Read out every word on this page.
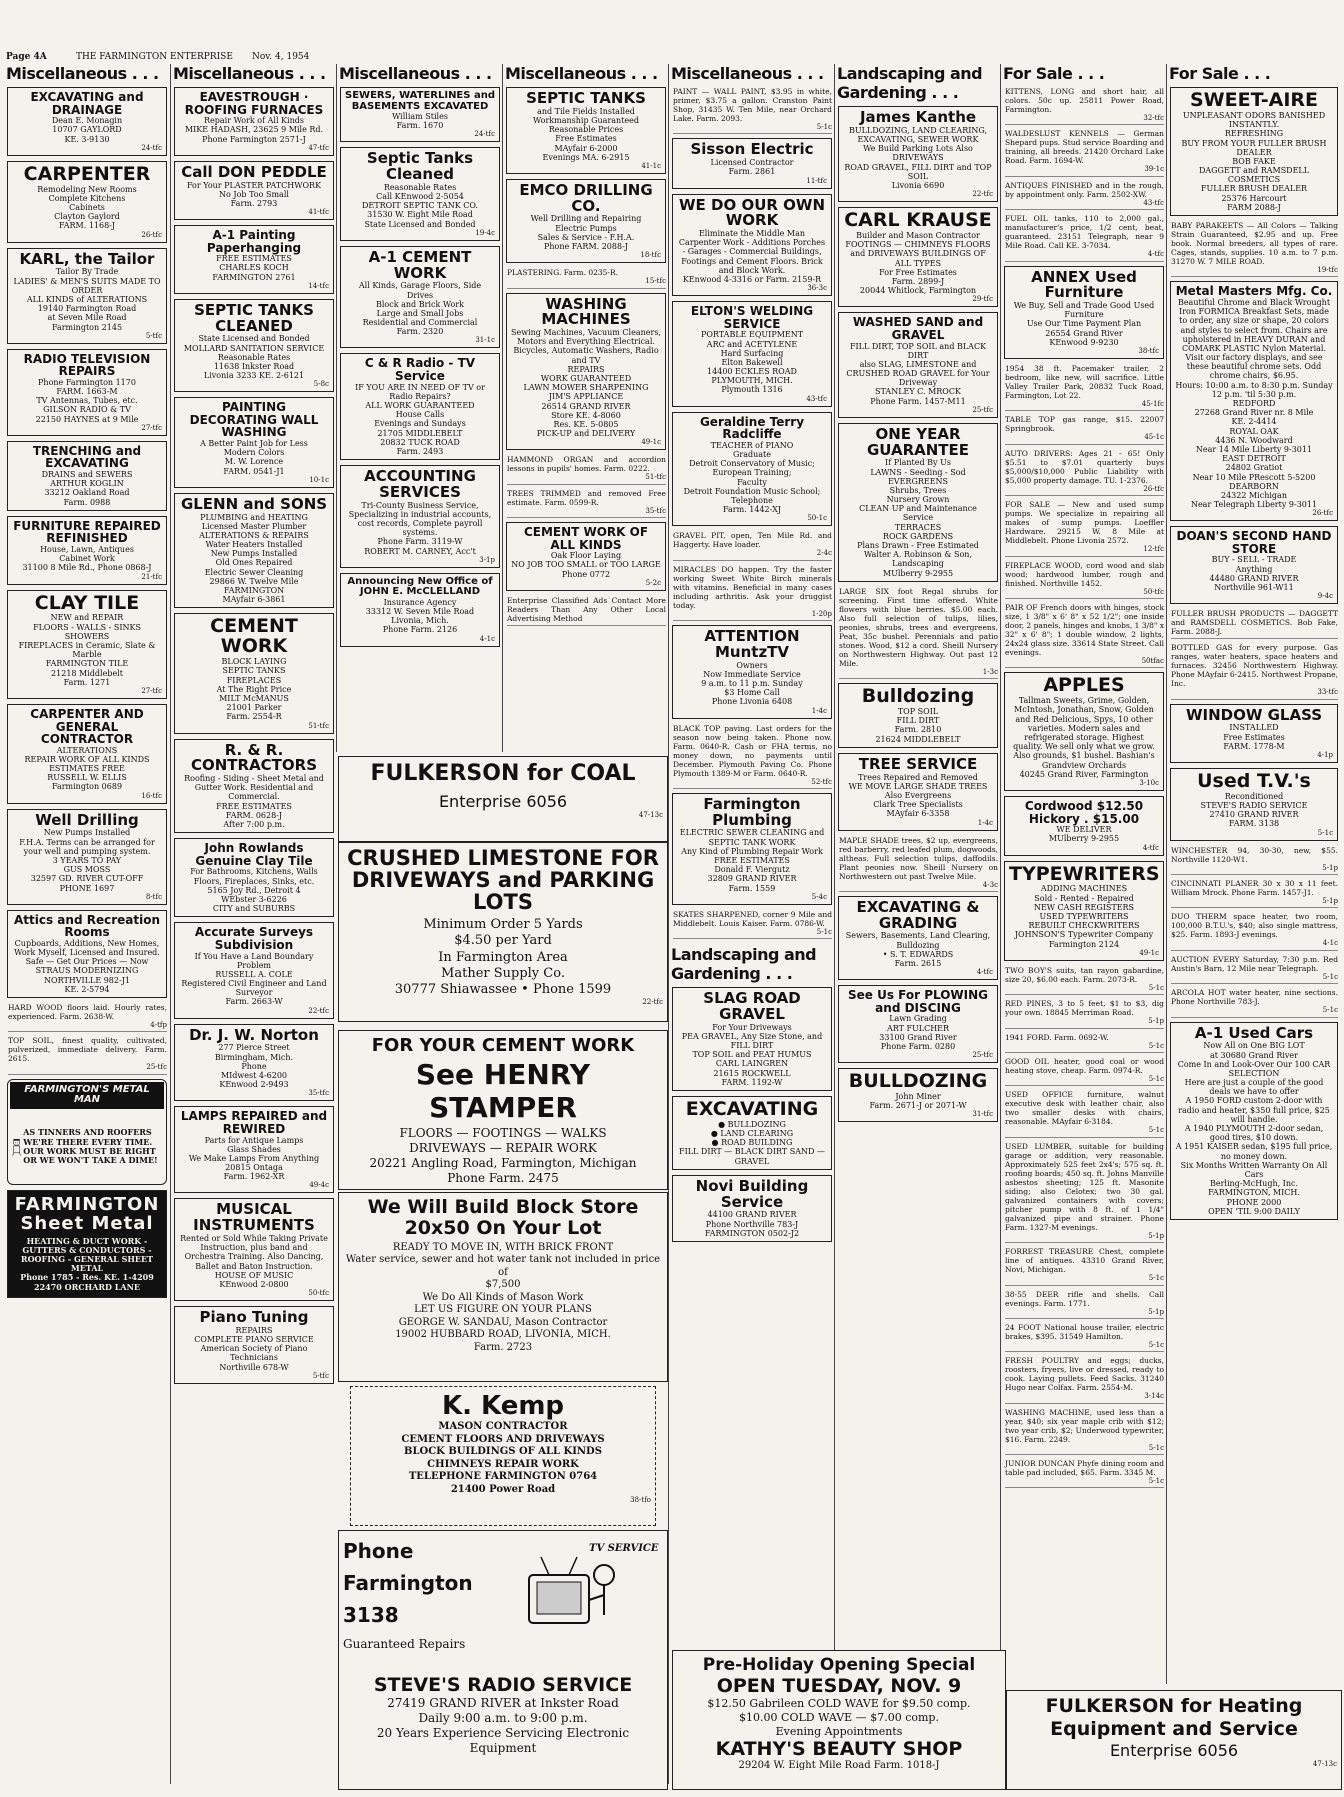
Page 4A	THE FARMINGTON ENTERPRISE Nov. 4, 1954
Miscellaneous . . .
EXCAVATING and DRAINAGE
Dean E. Monagin
10707 GAYLORD
KE. 3-9130
24-tfc
CARPENTER
Remodeling New Rooms
Complete Kitchens
Cabinets
Clayton Gaylord
FARM. 1168-J
26-tfc
KARL, the Tailor
Tailor By Trade
LADIES' & MEN'S SUITS MADE TO ORDER
ALL KINDS of ALTERATIONS
19140 Farmington Road
at Seven Mile Road
Farmington 2145
5-tfc
RADIO TELEVISION REPAIRS
Phone Farmington 1170
FARM. 1663-M
TV Antennas, Tubes, etc.
GILSON RADIO & TV
22150 HAYNES at 9 Mile
27-tfc
TRENCHING and EXCAVATING
DRAINS and SEWERS
ARTHUR KOGLIN
33212 Oakland Road
Farm. 0988
FURNITURE REPAIRED REFINISHED
House, Lawn, Antiques
Cabinet Work
31100 8 Mile Rd., Phone 0868-J
21-tfc
CLAY TILE
NEW and REPAIR
FLOORS - WALLS - SINKS SHOWERS
FIREPLACES in Ceramic, Slate & Marble
FARMINGTON TILE
21218 Middlebelt
Farm. 1271
27-tfc
CARPENTER AND GENERAL CONTRACTOR
ALTERATIONS
REPAIR WORK OF ALL KINDS
ESTIMATES FREE
RUSSELL W. ELLIS
Farmington 0689
16-tfc
Well Drilling
New Pumps Installed
F.H.A. Terms can be arranged for your well and pumping system.
3 YEARS TO PAY
GUS MOSS
32597 GD. RIVER CUT-OFF
PHONE 1697
8-tfc
Attics and Recreation Rooms
Cupboards, Additions, New Homes, Work Myself, Licensed and Insured. Safe — Get Our Prices — Now
STRAUS MODERNIZING
NORTHVILLE 982-J1
KE. 2-5794
HARD WOOD floors laid. Hourly rates, experienced. Farm. 2638-W.
4-tfp
TOP SOIL, finest quality, cultivated, pulverized, immediate delivery. Farm. 2615.
25-tfc
FARMINGTON'S METAL MAN
AS TINNERS AND ROOFERS WE'RE THERE EVERY TIME. OUR WORK MUST BE RIGHT OR WE WON'T TAKE A DIME!
FARMINGTON Sheet Metal
HEATING & DUCT WORK - GUTTERS & CONDUCTORS - ROOFING - GENERAL SHEET METAL
Phone 1785 - Res. KE. 1-4209
22470 ORCHARD LANE
Miscellaneous . . .
EAVESTROUGH · ROOFING FURNACES
Repair Work of All Kinds
MIKE HADASH, 23625 9 Mile Rd.
Phone Farmington 2571-J
47-tfc
Call DON PEDDLE
For Your PLASTER PATCHWORK
No Job Too Small
Farm. 2793
41-tfc
A-1 Painting Paperhanging
FREE ESTIMATES
CHARLES KOCH
FARMINGTON 2761
14-tfc
SEPTIC TANKS CLEANED
State Licensed and Bonded
MOLLARD SANITATION SERVICE
Reasonable Rates
11638 Inkster Road
Livonia 3233 KE. 2-6121
5-8c
PAINTING DECORATING WALL WASHING
A Better Paint Job for Less
Modern Colors
M. W. Lorence
FARM. 0541-J1
10-1c
GLENN and SONS
PLUMBING and HEATING
Licensed Master Plumber
ALTERATIONS & REPAIRS
Water Heaters Installed
New Pumps Installed
Old Ones Repaired
Electric Sewer Cleaning
29866 W. Twelve Mile
FARMINGTON
MAyfair 6-3861
CEMENT WORK
BLOCK LAYING
SEPTIC TANKS
FIREPLACES
At The Right Price
MILT McMANUS
21001 Parker
Farm. 2554-R
51-tfc
R. & R. CONTRACTORS
Roofing - Siding - Sheet Metal and Gutter Work. Residential and Commercial.
FREE ESTIMATES
FARM. 0628-J
After 7:00 p.m.
John Rowlands Genuine Clay Tile
For Bathrooms, Kitchens, Walls Floors, Fireplaces, Sinks, etc.
5165 Joy Rd., Detroit 4
WEbster 3-6226
CITY and SUBURBS
Accurate Surveys Subdivision
If You Have a Land Boundary Problem
RUSSELL A. COLE
Registered Civil Engineer and Land Surveyor
Farm. 2663-W
22-tfc
Dr. J. W. Norton
277 Pierce Street
Birmingham, Mich.
Phone
MIdwest 4-6200
KEnwood 2-9493
35-tfc
LAMPS REPAIRED and REWIRED
Parts for Antique Lamps
Glass Shades
We Make Lamps From Anything
20815 Ontaga
Farm. 1962-XR
49-4c
MUSICAL INSTRUMENTS
Rented or Sold While Taking Private Instruction, plus band and Orchestra Training. Also Dancing, Ballet and Baton Instruction.
HOUSE OF MUSIC
KEnwood 2-0800
50-tfc
Piano Tuning
REPAIRS
COMPLETE PIANO SERVICE
American Society of Piano Technicians
Northville 678-W
5-tfc
Miscellaneous . . .
SEWERS, WATERLINES and BASEMENTS EXCAVATED
William Stiles
Farm. 1670
24-tfc
Septic Tanks Cleaned
Reasonable Rates
Call KEnwood 2-5054
DETROIT SEPTIC TANK CO.
31530 W. Eight Mile Road
State Licensed and Bonded
19-4c
A-1 CEMENT WORK
All Kinds, Garage Floors, Side Drives
Block and Brick Work
Large and Small Jobs
Residential and Commercial
Farm. 2320
31-1c
C & R Radio - TV Service
IF YOU ARE IN NEED OF TV or Radio Repairs?
ALL WORK GUARANTEED
House Calls
Evenings and Sundays
21705 MIDDLEBELT
20832 TUCK ROAD
Farm. 2493
ACCOUNTING SERVICES
Tri-County Business Service, Specializing in industrial accounts, cost records, Complete payroll systems.
Phone Farm. 3119-W
ROBERT M. CARNEY, Acc't
3-1p
Announcing New Office of JOHN E. McCLELLAND
Insurance Agency
33312 W. Seven Mile Road
Livonia, Mich.
Phone Farm. 2126
4-1c
Miscellaneous . . .
SEPTIC TANKS
and Tile Fields Installed
Workmanship Guaranteed
Reasonable Prices
Free Estimates
MAyfair 6-2000
Evenings MA. 6-2915
41-1c
EMCO DRILLING CO.
Well Drilling and Repairing
Electric Pumps
Sales & Service - F.H.A.
Phone FARM. 2088-J
18-tfc
PLASTERING. Farm. 0235-R.
15-tfc
WASHING MACHINES
Sewing Machines, Vacuum Cleaners, Motors and Everything Electrical. Bicycles, Automatic Washers, Radio and TV
REPAIRS
WORK GUARANTEED
LAWN MOWER SHARPENING
JIM'S APPLIANCE
26514 GRAND RIVER
Store KE. 4-8060
Res. KE. 5-0805
PICK-UP and DELIVERY
49-1c
HAMMOND ORGAN and accordion lessons in pupils' homes. Farm. 0222.
51-tfc
TREES TRIMMED and removed Free estimate. Farm. 0599-R.
35-tfc
CEMENT WORK OF ALL KINDS
Oak Floor Laying
NO JOB TOO SMALL or TOO LARGE
Phone 0772
5-2c
Enterprise Classified Ads Contact More Readers Than Any Other Local Advertising Method
Miscellaneous . . .
PAINT — WALL PAINT, $3.95 in white, primer, $3.75 a gallon. Cranston Paint Shop, 31435 W. Ten Mile, near Orchard Lake. Farm. 2093.
5-1c
Sisson Electric
Licensed Contractor
Farm. 2861
11-tfc
WE DO OUR OWN WORK
Eliminate the Middle Man
Carpenter Work - Additions Porches - Garages - Commercial Buildings, Footings and Cement Floors. Brick and Block Work.
KEnwood 4-3316 or Farm. 2159-R
36-3c
ELTON'S WELDING SERVICE
PORTABLE EQUIPMENT
ARC and ACETYLENE
Hard Surfacing
Elton Bakewell
14400 ECKLES ROAD
PLYMOUTH, MICH.
Plymouth 1316
43-tfc
Geraldine Terry Radcliffe
TEACHER of PIANO
Graduate
Detroit Conservatory of Music;
European Training;
Faculty
Detroit Foundation Music School;
Telephone
Farm. 1442-XJ
50-1c
GRAVEL PIT, open, Ten Mile Rd. and Haggerty. Have loader.
2-4c
MIRACLES DO happen. Try the faster working Sweet White Birch minerals with vitamins. Beneficial in many cases including arthritis. Ask your druggist today.
1-20p
ATTENTION MuntzTV
Owners
Now Immediate Service
9 a.m. to 11 p.m. Sunday
$3 Home Call
Phone Livonia 6408
1-4c
BLACK TOP paving. Last orders for the season now being taken. Phone now. Farm. 0640-R. Cash or FHA terms, no money down, no payments until December. Plymouth Paving Co. Phone Plymouth 1389-M or Farm. 0640-R.
52-tfc
Farmington Plumbing
ELECTRIC SEWER CLEANING and SEPTIC TANK WORK
Any Kind of Plumbing Repair Work
FREE ESTIMATES
Donald F. Viergutz
32809 GRAND RIVER
Farm. 1559
5-4c
SKATES SHARPENED, corner 9 Mile and Middlebelt. Louis Kaiser. Farm. 0786-W.
5-1c
Landscaping and Gardening . . .
SLAG ROAD GRAVEL
For Your Driveways
PEA GRAVEL, Any Size Stone, and FILL DIRT
TOP SOIL and PEAT HUMUS
CARL LAINGREN
21615 ROCKWELL
FARM. 1192-W
EXCAVATING
● BULLDOZING
● LAND CLEARING
● ROAD BUILDING
FILL DIRT — BLACK DIRT SAND — GRAVEL
Novi Building Service
44100 GRAND RIVER
Phone Northville 783-J
FARMINGTON 0502-J2
Landscaping and Gardening . . .
James Kanthe
BULLDOZING, LAND CLEARING, EXCAVATING, SEWER WORK
We Build Parking Lots Also DRIVEWAYS
ROAD GRAVEL, FILL DIRT and TOP SOIL
Livonia 6690
22-tfc
CARL KRAUSE
Builder and Mason Contractor
FOOTINGS — CHIMNEYS FLOORS and DRIVEWAYS BUILDINGS OF ALL TYPES
For Free Estimates
Farm. 2899-J
20044 Whitlock, Farmington
29-tfc
WASHED SAND and GRAVEL
FILL DIRT, TOP SOIL and BLACK DIRT
also SLAG, LIMESTONE and CRUSHED ROAD GRAVEL for Your Driveway
STANLEY C. MROCK
Phone Farm. 1457-M11
25-tfc
ONE YEAR GUARANTEE
If Planted By Us
LAWNS - Seeding - Sod
EVERGREENS
Shrubs, Trees
Nursery Grown
CLEAN UP and Maintenance Service
TERRACES
ROCK GARDENS
Plans Drawn - Free Estimated
Walter A. Robinson & Son, Landscaping
MUlberry 9-2955
LARGE SIX foot Regal shrubs for screening. First time offered. White flowers with blue berries. $5.00 each. Also full selection of tulips, lilies, peonies, shrubs, trees and evergreens. Peat, 35c bushel. Perennials and patio stones. Wood, $12 a cord. Sheill Nursery on Northwestern Highway. Out past 12 Mile.
1-3c
Bulldozing
TOP SOIL
FILL DIRT
Farm. 2810
21624 MIDDLEBELT
TREE SERVICE
Trees Repaired and Removed
WE MOVE LARGE SHADE TREES
Also Evergreens
Clark Tree Specialists
MAyfair 6-3358
1-4c
MAPLE SHADE trees, $2 up, evergreens, red barberry, red leafed plum, dogwoods, altheas. Full selection tulips, daffodils. Plant peonies now. Sheill Nursery on Northwestern out past Twelve Mile.
4-3c
EXCAVATING & GRADING
Sewers, Basements, Land Clearing, Bulldozing
• S. T. EDWARDS
Farm. 2615
4-tfc
See Us For PLOWING and DISCING
Lawn Grading
ART FULCHER
33100 Grand River
Phone Farm. 0280
25-tfc
BULLDOZING
John Miner
Farm. 2671-J or 2071-W
31-tfc
For Sale . . .
KITTENS, LONG and short hair, all colors. 50c up. 25811 Power Road, Farmington.
32-tfc
WALDESLUST KENNELS — German Shepard pups. Stud service Boarding and training, all breeds. 21420 Orchard Lake Road. Farm. 1694-W.
39-1c
ANTIQUES FINISHED and in the rough, by appointment only. Farm. 2502-XW.
43-tfc
FUEL OIL tanks, 110 to 2,000 gal., manufacturer's price, 1/2 cent, beat, guaranteed. 23151 Telegraph, near 9 Mile Road. Call KE. 3-7034.
4-tfc
ANNEX Used Furniture
We Buy, Sell and Trade Good Used Furniture
Use Our Time Payment Plan
26554 Grand River
KEnwood 9-9230
38-tfc
1954 38 ft. Pacemaker trailer, 2 bedroom, like new, will sacrifice. Little Valley Trailer Park, 20832 Tuck Road, Farmington, Lot 22.
45-1fc
TABLE TOP gas range, $15. 22007 Springbrook.
45-1c
AUTO DRIVERS: Ages 21 - 65! Only $5.51 to $7.01 quarterly buys $5,000/$10,000 Public Liability with $5,000 property damage. TU. 1-2376.
26-tfc
FOR SALE — New and used sump pumps. We specialize in repairing all makes of sump pumps. Loeffler Hardware. 29215 W. 8 Mile at Middlebelt. Phone Livonia 2572.
12-tfc
FIREPLACE WOOD, cord wood and slab wood; hardwood lumber, rough and finished. Northville 1452.
50-tfc
PAIR OF French doors with hinges, stock size, 1 3/8" x 6' 8" x 52 1/2"; one inside door, 2 panels, hinges and knobs, 1 3/8" x 32" x 6' 8"; 1 double window, 2 lights, 24x24 glass size. 33614 State Street. Call evenings.
50tfac
APPLES
Tallman Sweets, Grime, Golden, McIntosh, Jonathan, Snow, Golden and Red Delicious, Spys, 10 other varieties. Modern sales and refrigerated storage. Highest quality. We sell only what we grow. Also grounds, $1 bushel. Bashian's Grandview Orchards
40245 Grand River, Farmington
3-10c
Cordwood $12.50 Hickory . $15.00
WE DELIVER
MUlberry 9-2955
4-tfc
TYPEWRITERS
ADDING MACHINES
Sold - Rented - Repaired
NEW CASH REGISTERS
USED TYPEWRITERS
REBUILT CHECKWRITERS
JOHNSON'S Typewriter Company
Farmington 2124
49-1c
TWO BOY'S suits, tan rayon gabardine, size 20, $6.00 each. Farm. 2073-R.
5-1c
RED PINES, 3 to 5 feet, $1 to $3, dig your own. 18845 Merriman Road.
5-1p
1941 FORD. Farm. 0692-W.
5-1c
GOOD OIL heater, good coal or wood heating stove, cheap. Farm. 0974-R.
5-1c
USED OFFICE furniture, walnut executive desk with leather chair, also two smaller desks with chairs, reasonable. MAyfair 6-3184.
5-1c
USED LUMBER, suitable for building garage or addition, very reasonable. Approximately 525 feet 2x4's; 575 sq. ft. roofing boards; 450 sq. ft. Johns Manville asbestos sheeting; 125 ft. Masonite siding; also Celotex; two 30 gal. galvanized containers with covers; pitcher pump with 8 ft. of 1 1/4" galvanized pipe and strainer. Phone Farm. 1327-M evenings.
5-1p
FORREST TREASURE Chest, complete line of antiques. 43310 Grand River, Novi, Michigan.
5-1c
38-55 DEER rifle and shells. Call evenings. Farm. 1771.
5-1p
24 FOOT National house trailer, electric brakes, $395. 31549 Hamilton.
5-1c
FRESH POULTRY and eggs; ducks, roosters, fryers, live or dressed, ready to cook. Laying pullets. Feed Sacks. 31240 Hugo near Colfax. Farm. 2554-M.
3-14c
WASHING MACHINE, used less than a year, $40; six year maple crib with $12; two year crib, $2; Underwood typewriter, $16. Farm. 2249.
5-1c
JUNIOR DUNCAN Phyfe dining room and table pad included, $65. Farm. 3345 M.
5-1c
For Sale . . .
SWEET-AIRE
UNPLEASANT ODORS BANISHED INSTANTLY.
REFRESHING
BUY FROM YOUR FULLER BRUSH DEALER
BOB FAKE
DAGGETT and RAMSDELL COSMETICS
FULLER BRUSH DEALER
25376 Harcourt
FARM 2088-J
BABY PARAKEETS — All Colors — Talking Strain Guaranteed, $2.95 and up. Free book. Normal breeders, all types of rare. Cages, stands, supplies. 10 a.m. to 7 p.m. 31270 W. 7 MILE ROAD.
19-tfc
Metal Masters Mfg. Co.
Beautiful Chrome and Black Wrought Iron FORMICA Breakfast Sets, made to order, any size or shape, 20 colors and styles to select from. Chairs are upholstered in HEAVY DURAN and COMARK PLASTIC Nylon Material. Visit our factory displays, and see these beautiful chrome sets. Odd chrome chairs, $6.95.
Hours: 10:00 a.m. to 8:30 p.m. Sunday 12 p.m. 'til 5:30 p.m.
REDFORD
27268 Grand River nr. 8 Mile
KE. 2-4414
ROYAL OAK
4436 N. Woodward
Near 14 Mile Liberty 9-3011
EAST DETROIT
24802 Gratiot
Near 10 Mile PRescott 5-5200
DEARBORN
24322 Michigan
Near Telegraph Liberty 9-3011
26-tfc
DOAN'S SECOND HAND STORE
BUY - SELL - TRADE
Anything
44480 GRAND RIVER
Northville 961-W11
9-4c
FULLER BRUSH PRODUCTS — DAGGETT and RAMSDELL COSMETICS. Bob Fake, Farm. 2088-J.
BOTTLED GAS for every purpose. Gas ranges, water heaters, space heaters and furnaces. 32456 Northwestern Highway. Phone MAyfair 6-2415. Northwest Propane, Inc.
33-tfc
WINDOW GLASS
INSTALLED
Free Estimates
FARM. 1778-M
4-1p
Used T.V.'s
Reconditioned
STEVE'S RADIO SERVICE
27410 GRAND RIVER
FARM. 3138
5-1c
WINCHESTER 94, 30-30, new, $55. Northville 1120-W1.
5-1p
CINCINNATI PLANER 30 x 30 x 11 feet. William Mrock. Phone Farm. 1457-J1.
5-1p
DUO THERM space heater, two room, 100,000 B.T.U.'s, $40; also single mattress, $25. Farm. 1893-J evenings.
4-1c
AUCTION EVERY Saturday, 7:30 p.m. Red Austin's Barn, 12 Mile near Telegraph.
5-1c
ARCOLA HOT water heater, nine sections. Phone Northville 783-J.
5-1c
A-1 Used Cars
Now All on One BIG LOT
at 30680 Grand River
Come In and Look-Over Our 100 CAR SELECTION
Here are just a couple of the good deals we have to offer
A 1950 FORD custom 2-door with radio and heater, $350 full price, $25 will handle.
A 1940 PLYMOUTH 2-door sedan, good tires, $10 down.
A 1951 KAISER sedan, $195 full price, no money down.
Six Months Written Warranty On All Cars
Berling-McHugh, Inc.
FARMINGTON, MICH.
PHONE 2000
OPEN 'TIL 9:00 DAILY
FULKERSON for COAL
Enterprise 6056
47-13c
CRUSHED LIMESTONE FOR DRIVEWAYS and PARKING LOTS
Minimum Order 5 Yards
$4.50 per Yard
In Farmington Area
Mather Supply Co.
30777 Shiawassee • Phone 1599
22-tfc
FOR YOUR CEMENT WORK
See HENRY STAMPER
FLOORS — FOOTINGS — WALKS
DRIVEWAYS — REPAIR WORK
20221 Angling Road, Farmington, Michigan
Phone Farm. 2475
We Will Build Block Store 20x50 On Your Lot
READY TO MOVE IN, WITH BRICK FRONT
Water service, sewer and hot water tank not included in price of
$7,500
We Do All Kinds of Mason Work
LET US FIGURE ON YOUR PLANS
GEORGE W. SANDAU, Mason Contractor
19002 HUBBARD ROAD, LIVONIA, MICH.
Farm. 2723
K. Kemp
MASON CONTRACTOR
CEMENT FLOORS AND DRIVEWAYS
BLOCK BUILDINGS OF ALL KINDS
CHIMNEYS REPAIR WORK
TELEPHONE FARMINGTON 0764
21400 Power Road
38-tfo
Phone Farmington 3138
Guaranteed Repairs
TV SERVICE
STEVE'S RADIO SERVICE
27419 GRAND RIVER at Inkster Road
Daily 9:00 a.m. to 9:00 p.m.
20 Years Experience Servicing Electronic Equipment
Pre-Holiday Opening Special
OPEN TUESDAY, NOV. 9
$12.50 Gabrileen COLD WAVE for $9.50 comp.
$10.00 COLD WAVE — $7.00 comp.
Evening Appointments
KATHY'S BEAUTY SHOP
29204 W. Eight Mile Road Farm. 1018-J
FULKERSON for Heating Equipment and Service
Enterprise 6056
47-13c
